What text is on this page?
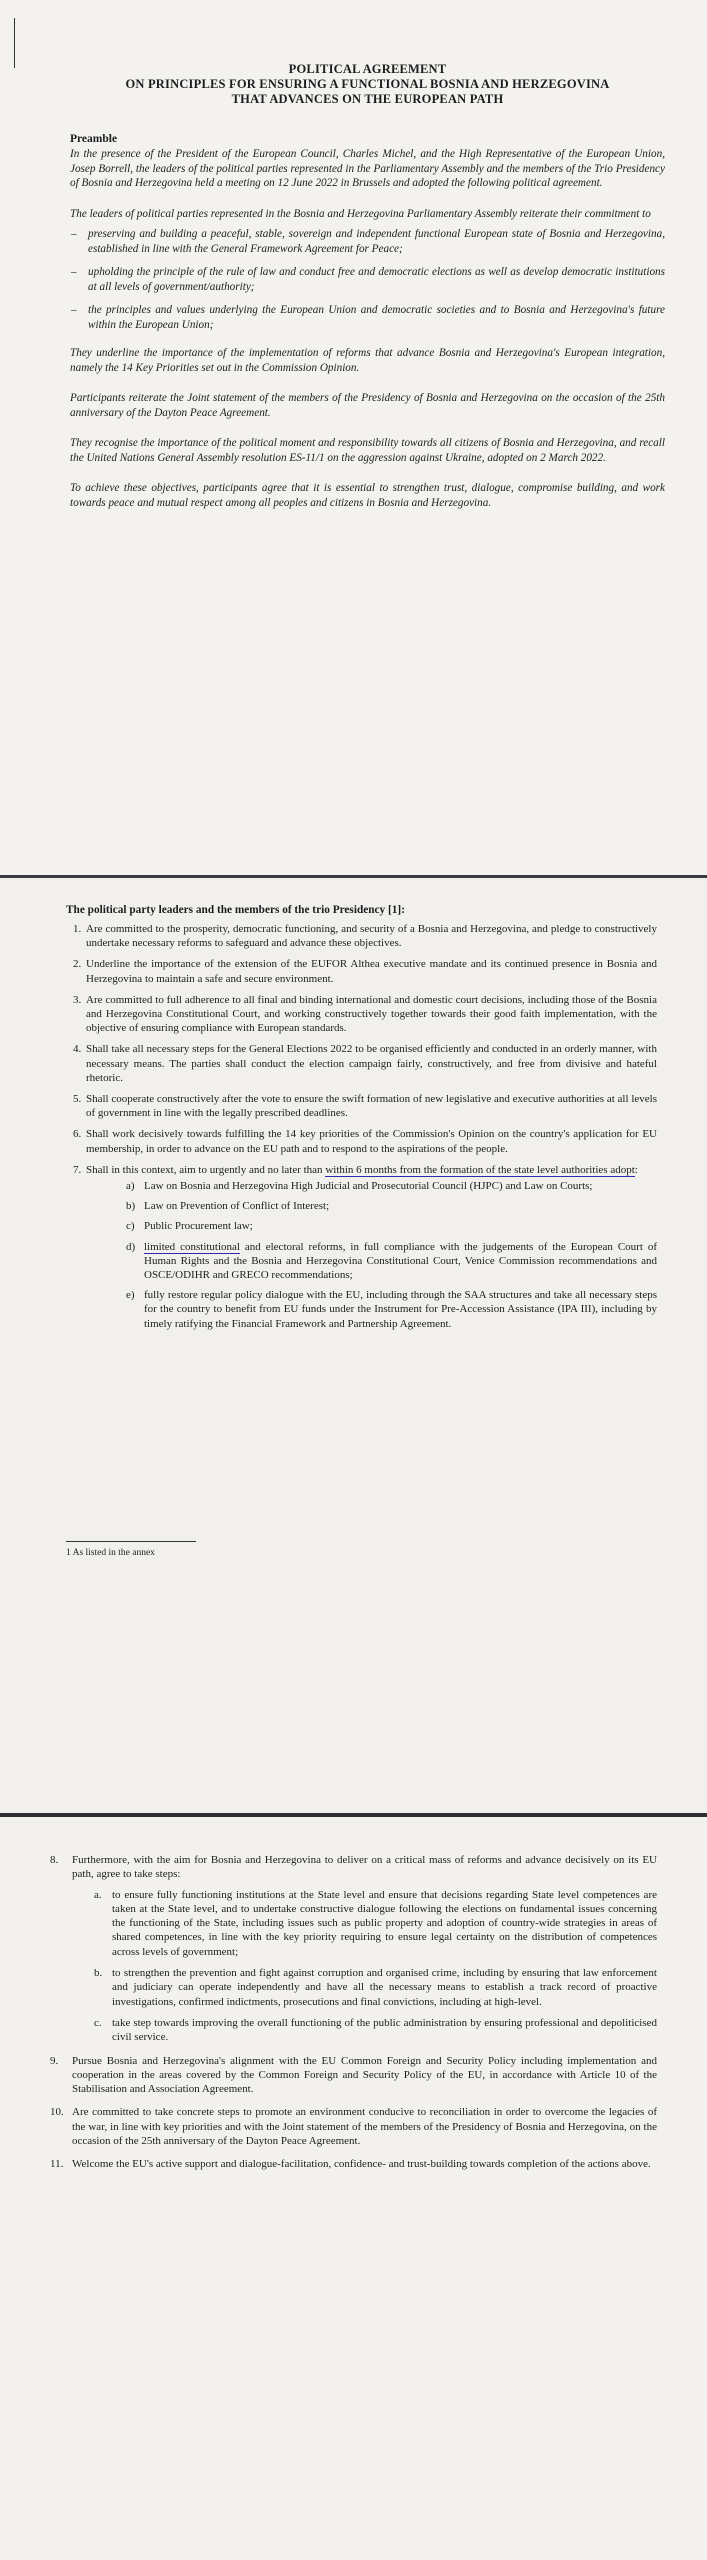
POLITICAL AGREEMENT
ON PRINCIPLES FOR ENSURING A FUNCTIONAL BOSNIA AND HERZEGOVINA
THAT ADVANCES ON THE EUROPEAN PATH
Preamble

In the presence of the President of the European Council, Charles Michel, and the High Representative of the European Union, Josep Borrell, the leaders of the political parties represented in the Parliamentary Assembly and the members of the Trio Presidency of Bosnia and Herzegovina held a meeting on 12 June 2022 in Brussels and adopted the following political agreement.

The leaders of political parties represented in the Bosnia and Herzegovina Parliamentary Assembly reiterate their commitment to

– preserving and building a peaceful, stable, sovereign and independent functional European state of Bosnia and Herzegovina, established in line with the General Framework Agreement for Peace;
– upholding the principle of the rule of law and conduct free and democratic elections as well as develop democratic institutions at all levels of government/authority;
– the principles and values underlying the European Union and democratic societies and to Bosnia and Herzegovina's future within the European Union;

They underline the importance of the implementation of reforms that advance Bosnia and Herzegovina's European integration, namely the 14 Key Priorities set out in the Commission Opinion.

Participants reiterate the Joint statement of the members of the Presidency of Bosnia and Herzegovina on the occasion of the 25th anniversary of the Dayton Peace Agreement.

They recognise the importance of the political moment and responsibility towards all citizens of Bosnia and Herzegovina, and recall the United Nations General Assembly resolution ES-11/1 on the aggression against Ukraine, adopted on 2 March 2022.

To achieve these objectives, participants agree that it is essential to strengthen trust, dialogue, compromise building, and work towards peace and mutual respect among all peoples and citizens in Bosnia and Herzegovina.

The political party leaders and the members of the trio Presidency [1]:
1. Are committed to the prosperity, democratic functioning, and security of a Bosnia and Herzegovina, and pledge to constructively undertake necessary reforms to safeguard and advance these objectives.
2. Underline the importance of the extension of the EUFOR Althea executive mandate and its continued presence in Bosnia and Herzegovina to maintain a safe and secure environment.
3. Are committed to full adherence to all final and binding international and domestic court decisions, including those of the Bosnia and Herzegovina Constitutional Court, and working constructively together towards their good faith implementation, with the objective of ensuring compliance with European standards.
4. Shall take all necessary steps for the General Elections 2022 to be organised efficiently and conducted in an orderly manner, with necessary means. The parties shall conduct the election campaign fairly, constructively, and free from divisive and hateful rhetoric.
5. Shall cooperate constructively after the vote to ensure the swift formation of new legislative and executive authorities at all levels of government in line with the legally prescribed deadlines.
6. Shall work decisively towards fulfilling the 14 key priorities of the Commission's Opinion on the country's application for EU membership, in order to advance on the EU path and to respond to the aspirations of the people.
7. Shall in this context, aim to urgently and no later than within 6 months from the formation of the state level authorities adopt:
a )	Law on Bosnia and Herzegovina High Judicial and Prosecutorial Council (HJPC) and Law on Courts;
b )	Law on Prevention of Conflict of Interest;
c )	Public Procurement law;
d )	limited constitutional and electoral reforms, in full compliance with the judgements of the European Court of Human Rights and the Bosnia and Herzegovina Constitutional Court, Venice Commission recommendations and OSCE/ODIHR and GRECO recommendations;
e )	fully restore regular policy dialogue with the EU, including through the SAA structures and take all necessary steps for the country to benefit from EU funds under the Instrument for Pre-Accession Assistance (IPA III), including by timely ratifying the Financial Framework and Partnership Agreement.
1 As listed in the annex
8. Furthermore, with the aim for Bosnia and Herzegovina to deliver on a critical mass of reforms and advance decisively on its EU path, agree to take steps:
a . to ensure fully functioning institutions at the State level and ensure that decisions regarding State level competences are taken at the State level, and to undertake constructive dialogue following the elections on fundamental issues concerning the functioning of the State, including issues such as public property and adoption of country-wide strategies in areas of shared competences, in line with the key priority requiring to ensure legal certainty on the distribution of competences across levels of government;
b . to strengthen the prevention and fight against corruption and organised crime, including by ensuring that law enforcement and judiciary can operate independently and have all the necessary means to establish a track record of proactive investigations, confirmed indictments, prosecutions and final convictions, including at high-level.
c . take step towards improving the overall functioning of the public administration by ensuring professional and depoliticised civil service.
9. Pursue Bosnia and Herzegovina's alignment with the EU Common Foreign and Security Policy including implementation and cooperation in the areas covered by the Common Foreign and Security Policy of the EU, in accordance with Article 10 of the Stabilisation and Association Agreement.
10. Are committed to take concrete steps to promote an environment conducive to reconciliation in order to overcome the legacies of the war, in line with key priorities and with the Joint statement of the members of the Presidency of Bosnia and Herzegovina, on the occasion of the 25th anniversary of the Dayton Peace Agreement.
11. Welcome the EU's active support and dialogue-facilitation, confidence- and trust-building towards completion of the actions above.
